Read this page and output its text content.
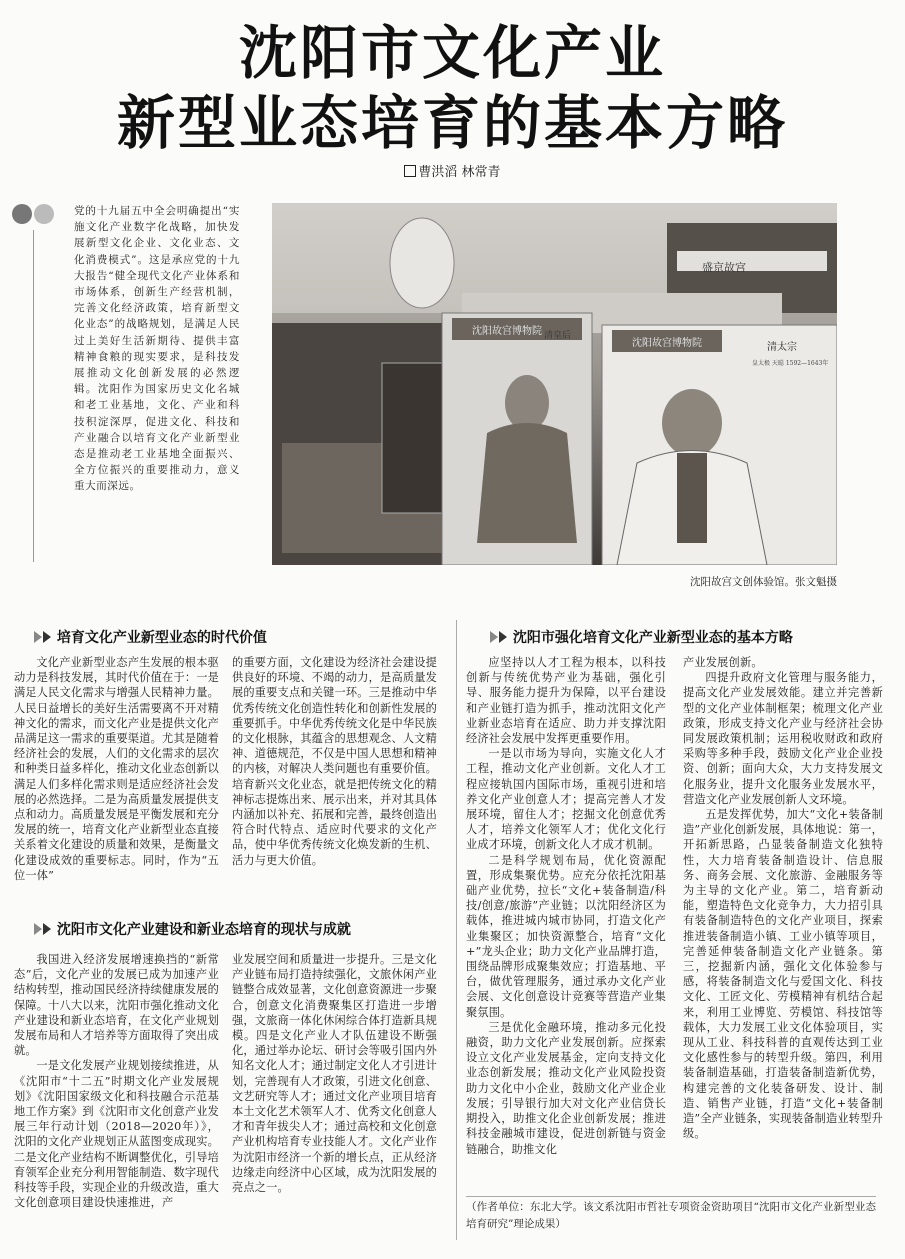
沈阳市文化产业
新型业态培育的基本方略
曹洪滔 林常青
党的十九届五中全会明确提出“实施文化产业数字化战略，加快发展新型文化企业、文化业态、文化消费模式”。这是承应党的十九大报告“健全现代文化产业体系和市场体系，创新生产经营机制，完善文化经济政策，培育新型文化业态”的战略规划，是满足人民过上美好生活新期待、提供丰富精神食粮的现实要求，是科技发展推动文化创新发展的必然逻辑。沈阳作为国家历史文化名城和老工业基地，文化、产业和科技积淀深厚，促进文化、科技和产业融合以培育文化产业新型业态是推动老工业基地全面振兴、全方位振兴的重要推动力，意义重大而深远。
沈阳故宫博物院
沈阳故宫博物院
清皇后
清太宗
皇太极 天聪 1592—1643年
盛京故宫
沈阳故宫文创体验馆。张文魁摄
培育文化产业新型业态的时代价值

文化产业新型业态产生发展的根本驱动力是科技发展，其时代价值在于：一是满足人民文化需求与增强人民精神力量。人民日益增长的美好生活需要离不开对精神文化的需求，而文化产业是提供文化产品满足这一需求的重要渠道。尤其是随着经济社会的发展，人们的文化需求的层次和种类日益多样化，推动文化业态创新以满足人们多样化需求则是适应经济社会发展的必然选择。二是为高质量发展提供支点和动力。高质量发展是平衡发展和充分发展的统一，培育文化产业新型业态直接关系着文化建设的质量和效果，是衡量文化建设成效的重要标志。同时，作为“五位一体”

的重要方面，文化建设为经济社会建设提供良好的环境、不竭的动力，是高质量发展的重要支点和关键一环。三是推动中华优秀传统文化创造性转化和创新性发展的重要抓手。中华优秀传统文化是中华民族的文化根脉，其蕴含的思想观念、人文精神、道德规范，不仅是中国人思想和精神的内核，对解决人类问题也有重要价值。培育新兴文化业态，就是把传统文化的精神标志提炼出来、展示出来，并对其具体内涵加以补充、拓展和完善，最终创造出符合时代特点、适应时代要求的文化产品，使中华优秀传统文化焕发新的生机、活力与更大价值。

沈阳市文化产业建设和新业态培育的现状与成就

我国进入经济发展增速换挡的“新常态”后，文化产业的发展已成为加速产业结构转型，推动国民经济持续健康发展的保障。十八大以来，沈阳市强化推动文化产业建设和新业态培育，在文化产业规划发展布局和人才培养等方面取得了突出成就。

一是文化发展产业规划接续推进，从《沈阳市“十二五”时期文化产业发展规划》《沈阳国家级文化和科技融合示范基地工作方案》到《沈阳市文化创意产业发展三年行动计划（2018—2020年）》，沈阳的文化产业规划正从蓝图变成现实。二是文化产业结构不断调整优化，引导培育领军企业充分利用智能制造、数字现代科技等手段，实现企业的升级改造，重大文化创意项目建设快速推进，产

业发展空间和质量进一步提升。三是文化产业链布局打造持续强化，文旅休闲产业链整合成效显著，文化创意资源进一步聚合，创意文化消费聚集区打造进一步增强，文旅商一体化休闲综合体打造新具规模。四是文化产业人才队伍建设不断强化，通过举办论坛、研讨会等吸引国内外知名文化人才；通过制定文化人才引进计划，完善现有人才政策，引进文化创意、文艺研究等人才；通过文化产业项目培育本土文化艺术领军人才、优秀文化创意人才和青年拔尖人才；通过高校和文化创意产业机构培育专业技能人才。文化产业作为沈阳市经济一个新的增长点，正从经济边缘走向经济中心区域，成为沈阳发展的亮点之一。

沈阳市强化培育文化产业新型业态的基本方略

应坚持以人才工程为根本，以科技创新与传统优势产业为基础，强化引导、服务能力提升为保障，以平台建设和产业链打造为抓手，推动沈阳文化产业新业态培育在适应、助力并支撑沈阳经济社会发展中发挥更重要作用。

一是以市场为导向，实施文化人才工程，推动文化产业创新。文化人才工程应接轨国内国际市场，重视引进和培养文化产业创意人才；提高完善人才发展环境，留住人才；挖掘文化创意优秀人才，培养文化领军人才；优化文化行业成才环境，创新文化人才成才机制。

二是科学规划布局，优化资源配置，形成集聚优势。应充分依托沈阳基础产业优势，拉长“文化+装备制造/科技/创意/旅游”产业链；以沈阳经济区为载体，推进城内城市协同，打造文化产业集聚区；加快资源整合，培育“文化+”龙头企业；助力文化产业品牌打造，围绕品牌形成聚集效应；打造基地、平台，做优管理服务，通过承办文化产业会展、文化创意设计竞赛等营造产业集聚氛围。

三是优化金融环境，推动多元化投融资，助力文化产业发展创新。应探索设立文化产业发展基金，定向支持文化业态创新发展；推动文化产业风险投资助力文化中小企业，鼓励文化产业企业发展；引导银行加大对文化产业信贷长期投入，助推文化企业创新发展；推进科技金融城市建设，促进创新链与资金链融合，助推文化

产业发展创新。

四提升政府文化管理与服务能力，提高文化产业发展效能。建立并完善新型的文化产业体制框架；梳理文化产业政策，形成支持文化产业与经济社会协同发展政策机制；运用税收财政和政府采购等多种手段，鼓励文化产业企业投资、创新；面向大众，大力支持发展文化服务业，提升文化服务业发展水平，营造文化产业发展创新人文环境。

五是发挥优势，加大“文化+装备制造”产业化创新发展，具体地说：第一，开拓新思路，凸显装备制造文化独特性，大力培育装备制造设计、信息服务、商务会展、文化旅游、金融服务等为主导的文化产业。第二，培育新动能，塑造特色文化竞争力，大力招引具有装备制造特色的文化产业项目，探索推进装备制造小镇、工业小镇等项目，完善延伸装备制造文化产业链条。第三，挖掘新内涵，强化文化体验参与感，将装备制造文化与爱国文化、科技文化、工匠文化、劳模精神有机结合起来，利用工业博览、劳模馆、科技馆等载体，大力发展工业文化体验项目，实现从工业、科技科普的直观传达到工业文化感性参与的转型升级。第四，利用装备制造基础，打造装备制造新优势，构建完善的文化装备研发、设计、制造、销售产业链，打造“文化+装备制造”全产业链条，实现装备制造业转型升级。

（作者单位：东北大学。该文系沈阳市哲社专项资金资助项目“沈阳市文化产业新型业态培育研究”理论成果）
